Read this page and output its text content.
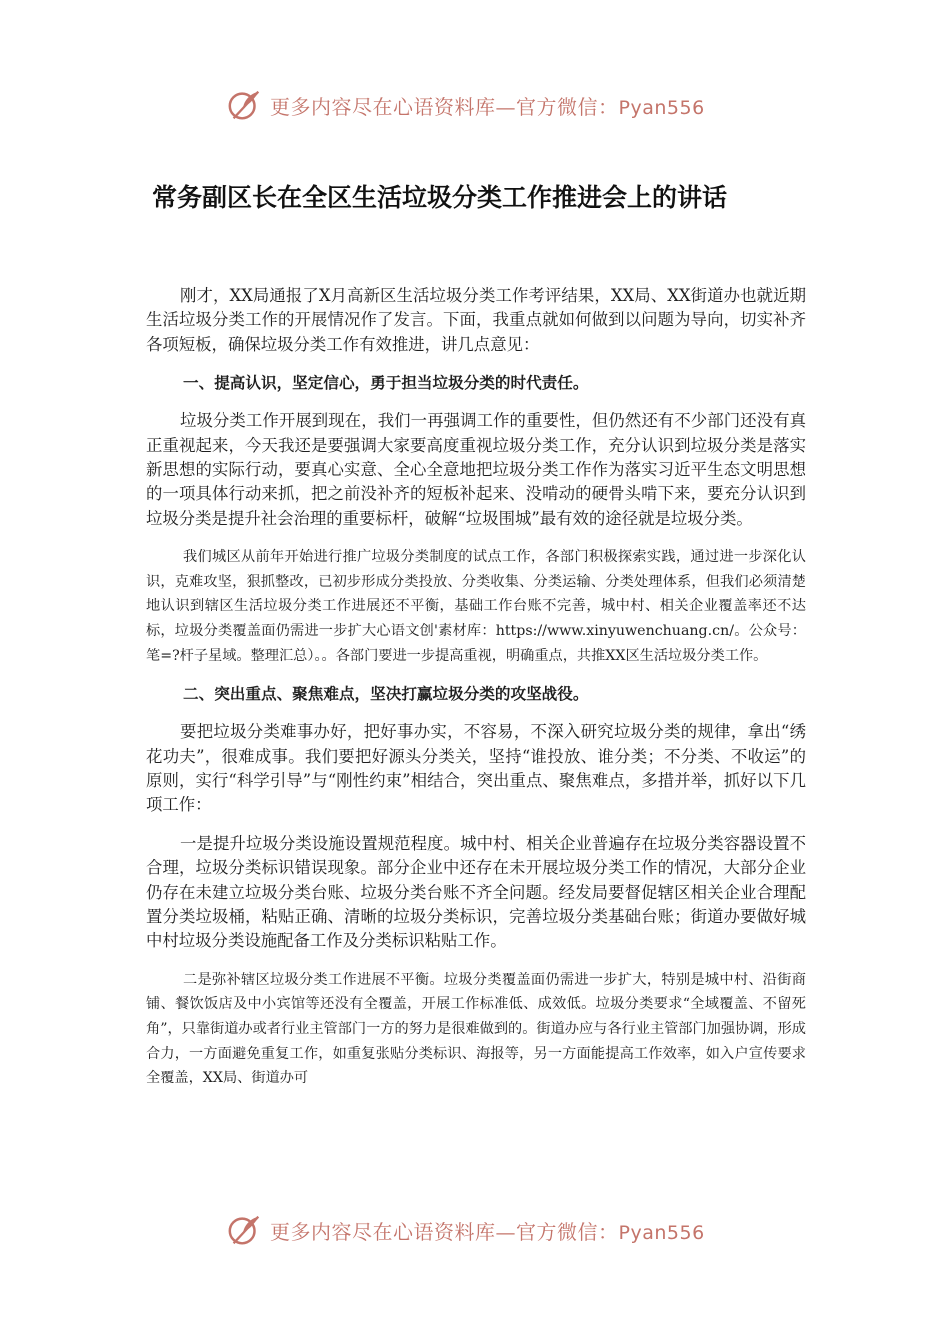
更多内容尽在心语资料库—官方微信：Pyan556
常务副区长在全区生活垃圾分类工作推进会上的讲话

刚才，XX局通报了X月高新区生活垃圾分类工作考评结果，XX局、XX街道办也就近期生活垃圾分类工作的开展情况作了发言。下面，我重点就如何做到以问题为导向，切实补齐各项短板，确保垃圾分类工作有效推进，讲几点意见：

一、提高认识，坚定信心，勇于担当垃圾分类的时代责任。

垃圾分类工作开展到现在，我们一再强调工作的重要性，但仍然还有不少部门还没有真正重视起来，今天我还是要强调大家要高度重视垃圾分类工作，充分认识到垃圾分类是落实新思想的实际行动，要真心实意、全心全意地把垃圾分类工作作为落实习近平生态文明思想的一项具体行动来抓，把之前没补齐的短板补起来、没啃动的硬骨头啃下来，要充分认识到垃圾分类是提升社会治理的重要标杆，破解“垃圾围城”最有效的途径就是垃圾分类。

我们城区从前年开始进行推广垃圾分类制度的试点工作，各部门积极探索实践，通过进一步深化认识，克难攻坚，狠抓整改，已初步形成分类投放、分类收集、分类运输、分类处理体系，但我们必须清楚地认识到辖区生活垃圾分类工作进展还不平衡，基础工作台账不完善，城中村、相关企业覆盖率还不达标，垃圾分类覆盖面仍需进一步扩大心语文创'素材库：https://www.xinyuwenchuang.cn/。公众号：笔=?杆子星域。整理汇总）。。各部门要进一步提高重视，明确重点，共推XX区生活垃圾分类工作。

二、突出重点、聚焦难点，坚决打赢垃圾分类的攻坚战役。

要把垃圾分类难事办好，把好事办实，不容易，不深入研究垃圾分类的规律，拿出“绣花功夫”，很难成事。我们要把好源头分类关，坚持“谁投放、谁分类；不分类、不收运”的原则，实行“科学引导”与“刚性约束”相结合，突出重点、聚焦难点，多措并举，抓好以下几项工作：

一是提升垃圾分类设施设置规范程度。城中村、相关企业普遍存在垃圾分类容器设置不合理，垃圾分类标识错误现象。部分企业中还存在未开展垃圾分类工作的情况，大部分企业仍存在未建立垃圾分类台账、垃圾分类台账不齐全问题。经发局要督促辖区相关企业合理配置分类垃圾桶，粘贴正确、清晰的垃圾分类标识，完善垃圾分类基础台账；街道办要做好城中村垃圾分类设施配备工作及分类标识粘贴工作。

二是弥补辖区垃圾分类工作进展不平衡。垃圾分类覆盖面仍需进一步扩大，特别是城中村、沿街商铺、餐饮饭店及中小宾馆等还没有全覆盖，开展工作标准低、成效低。垃圾分类要求“全域覆盖、不留死角”，只靠街道办或者行业主管部门一方的努力是很难做到的。街道办应与各行业主管部门加强协调，形成合力，一方面避免重复工作，如重复张贴分类标识、海报等，另一方面能提高工作效率，如入户宣传要求全覆盖，XX局、街道办可

更多内容尽在心语资料库—官方微信：Pyan556
